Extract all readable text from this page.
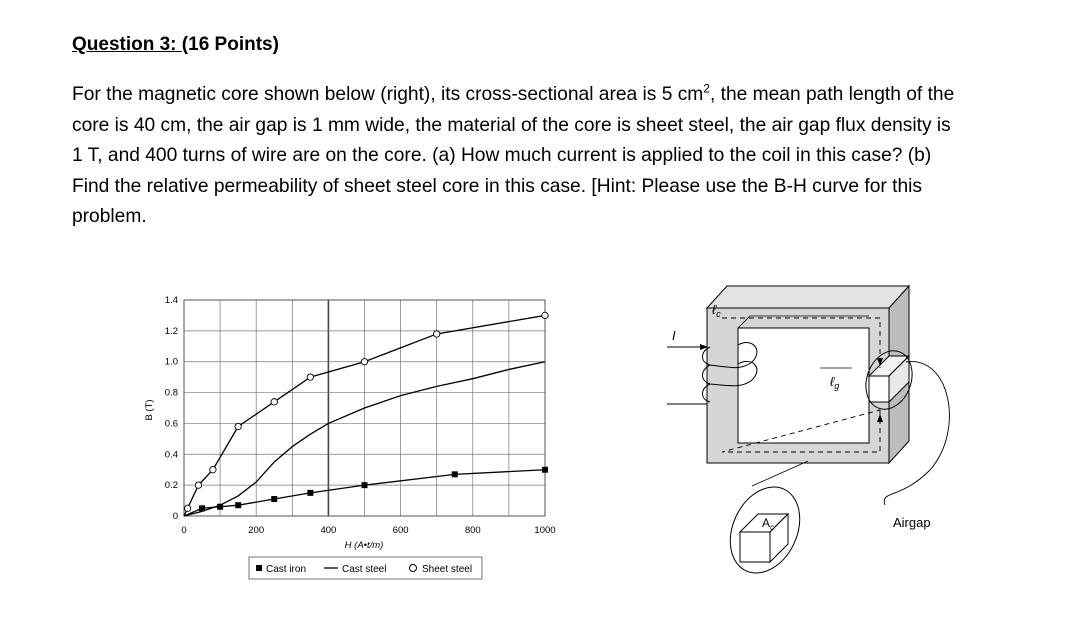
Question 3: (16 Points)
For the magnetic core shown below (right), its cross-sectional area is 5 $cm^2$, the mean path length of the
core is 40 cm, the air gap is 1 mm wide, the material of the core is sheet steel, the air gap flux density is
1 T, and 400 turns of wire are on the core. (a) How much current is applied to the coil in this case? (b)
Find the relative permeability of sheet steel core in this case. [Hint: Please use the B-H curve for this
problem.
0	200	400	600	800	1000
0
0.2
0.4
0.6
0.8
1.0
1.2
1.4
H (A•t/m)
B (T)
Cast iron	Cast steel	Sheet steel
I
ℓ$_c$
ℓ$_g$
Airgap
$A_c$
